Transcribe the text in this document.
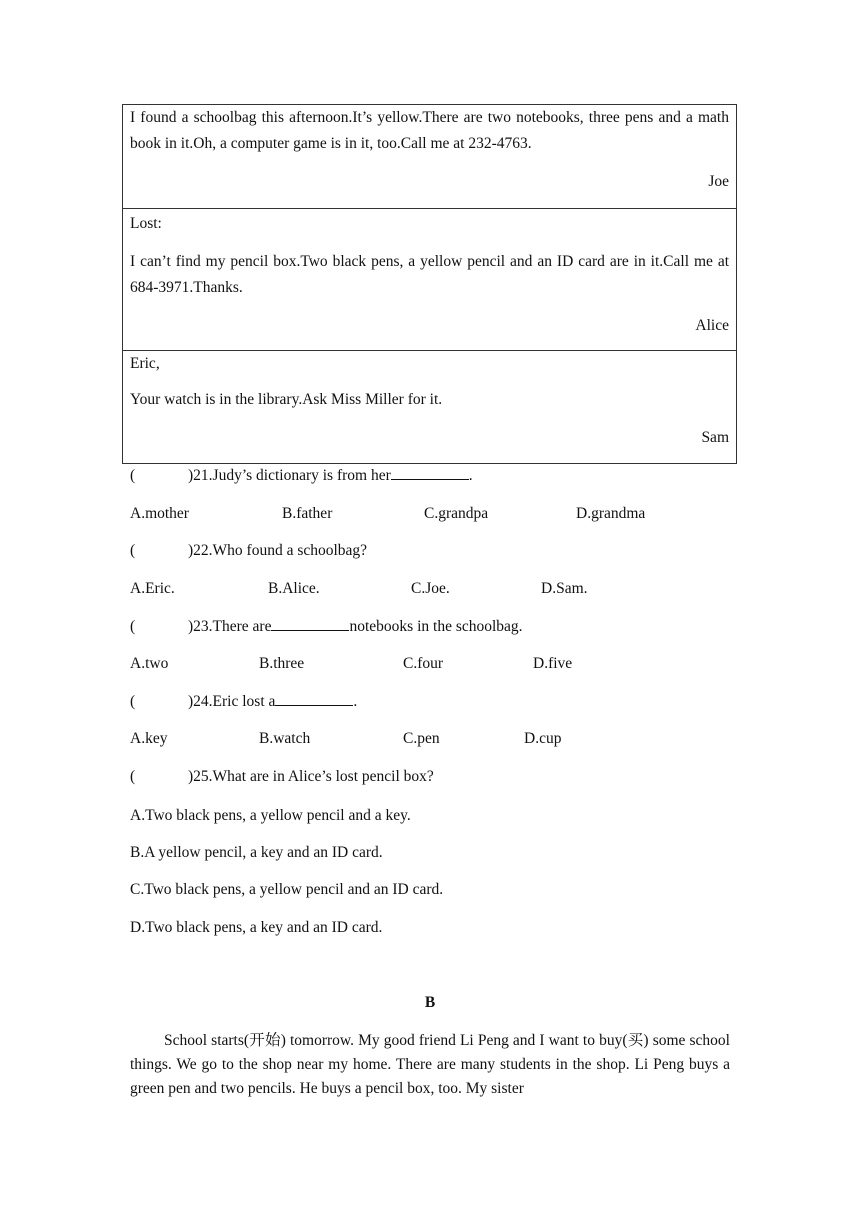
I found a schoolbag this afternoon.It’s yellow.There are two notebooks, three pens and a math book in it.Oh, a computer game is in it, too.Call me at 232-4763.

Joe
Lost:

I can’t find my pencil box.Two black pens, a yellow pencil and an ID card are in it.Call me at 684-3971.Thanks.

Alice
Eric,

Your watch is in the library.Ask Miss Miller for it.

Sam
(	)21.Judy’s dictionary is from her	.
A.mother	B.father	C.grandpa	D.grandma
(	)22.Who found a schoolbag?
A.Eric.	B.Alice.	C.Joe.	D.Sam.
(	)23.There are	notebooks in the schoolbag.
A.two	B.three	C.four	D.five
(	)24.Eric lost a	.
A.key	B.watch	C.pen	D.cup
(	)25.What are in Alice’s lost pencil box?
A.Two black pens, a yellow pencil and a key.
B.A yellow pencil, a key and an ID card.
C.Two black pens, a yellow pencil and an ID card.
D.Two black pens, a key and an ID card.
B

School starts(开始) tomorrow. My good friend Li Peng and I want to buy(买) some school things. We go to the shop near my home. There are many students in the shop. Li Peng buys a green pen and two pencils. He buys a pencil box, too. My sister
